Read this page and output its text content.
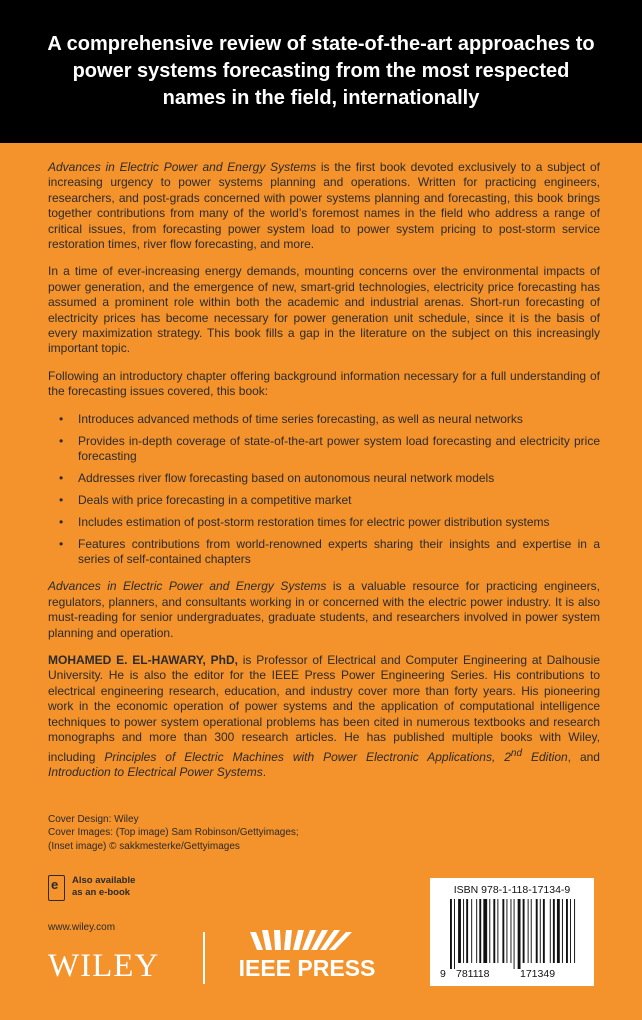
A comprehensive review of state-of-the-art approaches to power systems forecasting from the most respected names in the field, internationally

Advances in Electric Power and Energy Systems is the first book devoted exclusively to a subject of increasing urgency to power systems planning and operations. Written for practicing engineers, researchers, and post-grads concerned with power systems planning and forecasting, this book brings together contributions from many of the world’s foremost names in the field who address a range of critical issues, from forecasting power system load to power system pricing to post-storm service restoration times, river flow forecasting, and more.

In a time of ever-increasing energy demands, mounting concerns over the environmental impacts of power generation, and the emergence of new, smart-grid technologies, electricity price forecasting has assumed a prominent role within both the academic and industrial arenas. Short-run forecasting of electricity prices has become necessary for power generation unit schedule, since it is the basis of every maximization strategy. This book fills a gap in the literature on the subject on this increasingly important topic.

Following an introductory chapter offering background information necessary for a full understanding of the forecasting issues covered, this book:

• Introduces advanced methods of time series forecasting, as well as neural networks
• Provides in-depth coverage of state-of-the-art power system load forecasting and electricity price forecasting
• Addresses river flow forecasting based on autonomous neural network models
• Deals with price forecasting in a competitive market
• Includes estimation of post-storm restoration times for electric power distribution systems
• Features contributions from world-renowned experts sharing their insights and expertise in a series of self-contained chapters

Advances in Electric Power and Energy Systems is a valuable resource for practicing engineers, regulators, planners, and consultants working in or concerned with the electric power industry. It is also must-reading for senior undergraduates, graduate students, and researchers involved in power system planning and operation.

MOHAMED E. EL-HAWARY, PhD, is Professor of Electrical and Computer Engineering at Dalhousie University. He is also the editor for the IEEE Press Power Engineering Series. His contributions to electrical engineering research, education, and industry cover more than forty years. His pioneering work in the economic operation of power systems and the application of computational intelligence techniques to power system operational problems has been cited in numerous textbooks and research monographs and more than 300 research articles. He has published multiple books with Wiley, including Principles of Electric Machines with Power Electronic Applications, 2nd Edition, and Introduction to Electrical Power Systems.

Cover Design: Wiley
Cover Images: (Top image) Sam Robinson/Gettyimages;
(Inset image) © sakkmesterke/Gettyimages
e Also available
as an e-book
www.wiley.com
WILEY	IEEE PRESS
ISBN 978-1-118-17134-9
9 781118	171349
